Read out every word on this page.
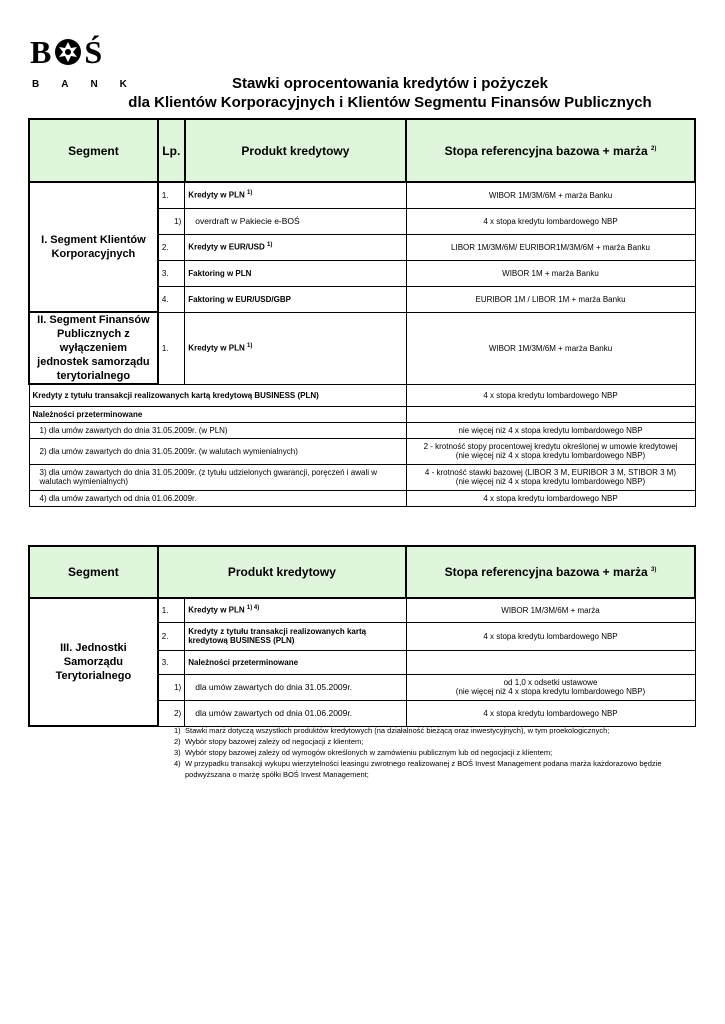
B Ś
BANK	Stawki oprocentowania kredytów i pożyczek
dla Klientów Korporacyjnych i Klientów Segmentu Finansów Publicznych
Segment	Lp.	Produkt kredytowy	Stopa referencyjna bazowa + marża $^{2)}$
I. Segment Klientów Korporacyjnych	1.	Kredyty w PLN $^{1)}$	WIBOR 1M/3M/6M + marża Banku
	1)	overdraft w Pakiecie e-BOŚ	4 x stopa kredytu lombardowego NBP
	2.	Kredyty w EUR/USD $^{1)}$	LIBOR 1M/3M/6M/ EURIBOR1M/3M/6M + marża Banku
	3.	Faktoring w PLN	WIBOR 1M + marża Banku
	4.	Faktoring w EUR/USD/GBP	EURIBOR 1M / LIBOR 1M + marża Banku
II. Segment Finansów Publicznych z wyłączeniem jednostek samorządu terytorialnego	1.	Kredyty w PLN $^{1)}$	WIBOR 1M/3M/6M + marża Banku
Kredyty z tytułu transakcji realizowanych kartą kredytową BUSINESS (PLN)			4 x stopa kredytu lombardowego NBP
Należności przeterminowane			
1) dla umów zawartych do dnia 31.05.2009r. (w PLN)			nie więcej niż 4 x stopa kredytu lombardowego NBP
2) dla umów zawartych do dnia 31.05.2009r. (w walutach wymienialnych)			2 - krotność stopy procentowej kredytu określonej w umowie kredytowej
(nie więcej niż 4 x stopa kredytu lombardowego NBP)

3) dla umów zawartych do dnia 31.05.2009r. (z tytułu udzielonych gwarancji, poręczeń i awali w walutach wymienialnych)			4 - krotność stawki bazowej (LIBOR 3 M, EURIBOR 3 M, STIBOR 3 M)
(nie więcej niż 4 x stopa kredytu lombardowego NBP)

4) dla umów zawartych od dnia 01.06.2009r.			4 x stopa kredytu lombardowego NBP
Segment	Produkt kredytowy		Stopa referencyjna bazowa + marża $^{3)}$
III. Jednostki Samorządu Terytorialnego	1.	Kredyty w PLN $^{1) 4)}$	WIBOR 1M/3M/6M + marża
	2.	Kredyty z tytułu transakcji realizowanych kartą kredytową BUSINESS (PLN)	4 x stopa kredytu lombardowego NBP
	3.	Należności przeterminowane	
	1)	dla umów zawartych do dnia 31.05.2009r.	od 1,0 x odsetki ustawowe
(nie więcej niż 4 x stopa kredytu lombardowego NBP)

	2)	dla umów zawartych od dnia 01.06.2009r.	4 x stopa kredytu lombardowego NBP
1) Stawki marż dotyczą wszystkich produktów kredytowych (na działalność bieżącą oraz inwestycyjnych), w tym proekologicznych;
2) Wybór stopy bazowej zależy od negocjacji z klientem;
3) Wybór stopy bazowej zależy od wymogów określonych w zamówieniu publicznym lub od negocjacji z klientem;
4) W przypadku transakcji wykupu wierzytelności leasingu zwrotnego realizowanej z BOŚ Invest Management podana marża każdorazowo będzie podwyższana o marżę spółki BOŚ Invest Management;
